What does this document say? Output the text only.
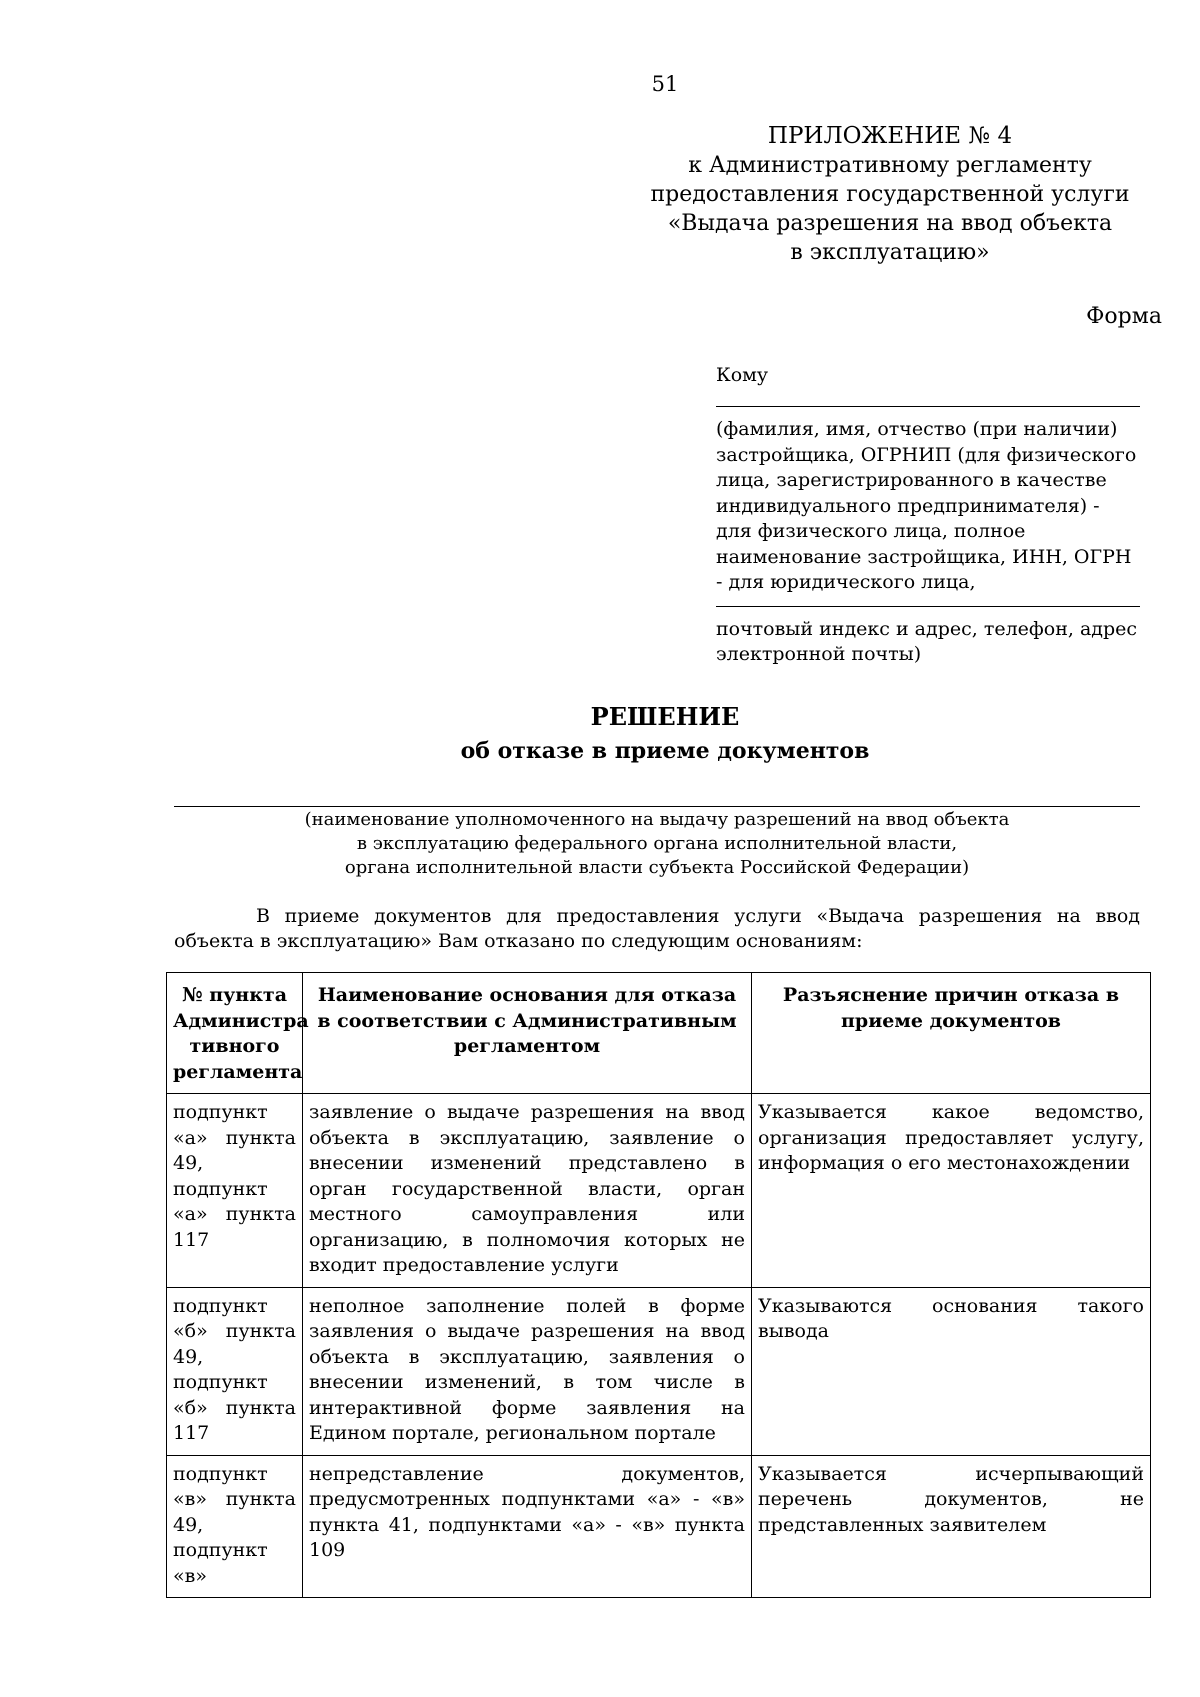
51
ПРИЛОЖЕНИЕ № 4
к Административному регламенту
предоставления государственной услуги
«Выдача разрешения на ввод объекта
в эксплуатацию»
Форма
Кому
(фамилия, имя, отчество (при наличии) застройщика, ОГРНИП (для физического лица, зарегистрированного в качестве индивидуального предпринимателя) - для физического лица, полное наименование застройщика, ИНН, ОГРН - для юридического лица,
почтовый индекс и адрес, телефон, адрес электронной почты)
РЕШЕНИЕ
об отказе в приеме документов
(наименование уполномоченного на выдачу разрешений на ввод объекта
в эксплуатацию федерального органа исполнительной власти,
органа исполнительной власти субъекта Российской Федерации)
В приеме документов для предоставления услуги «Выдача разрешения на ввод объекта в эксплуатацию» Вам отказано по следующим основаниям:
№ пункта Администра тивного регламента	Наименование основания для отказа в соответствии с Административным регламентом	Разъяснение причин отказа в приеме документов
подпункт «а» пункта 49, подпункт «а» пункта 117	заявление о выдаче разрешения на ввод объекта в эксплуатацию, заявление о внесении изменений представлено в орган государственной власти, орган местного самоуправления или организацию, в полномочия которых не входит предоставление услуги	Указывается какое ведомство, организация предоставляет услугу, информация о его местонахождении
подпункт «б» пункта 49, подпункт «б» пункта 117	неполное заполнение полей в форме заявления о выдаче разрешения на ввод объекта в эксплуатацию, заявления о внесении изменений, в том числе в интерактивной форме заявления на Едином портале, региональном портале	Указываются основания такого вывода
подпункт «в» пункта 49, подпункт «в»	непредставление документов, предусмотренных подпунктами «а» - «в» пункта 41, подпунктами «а» - «в» пункта 109	Указывается исчерпывающий перечень документов, не представленных заявителем
